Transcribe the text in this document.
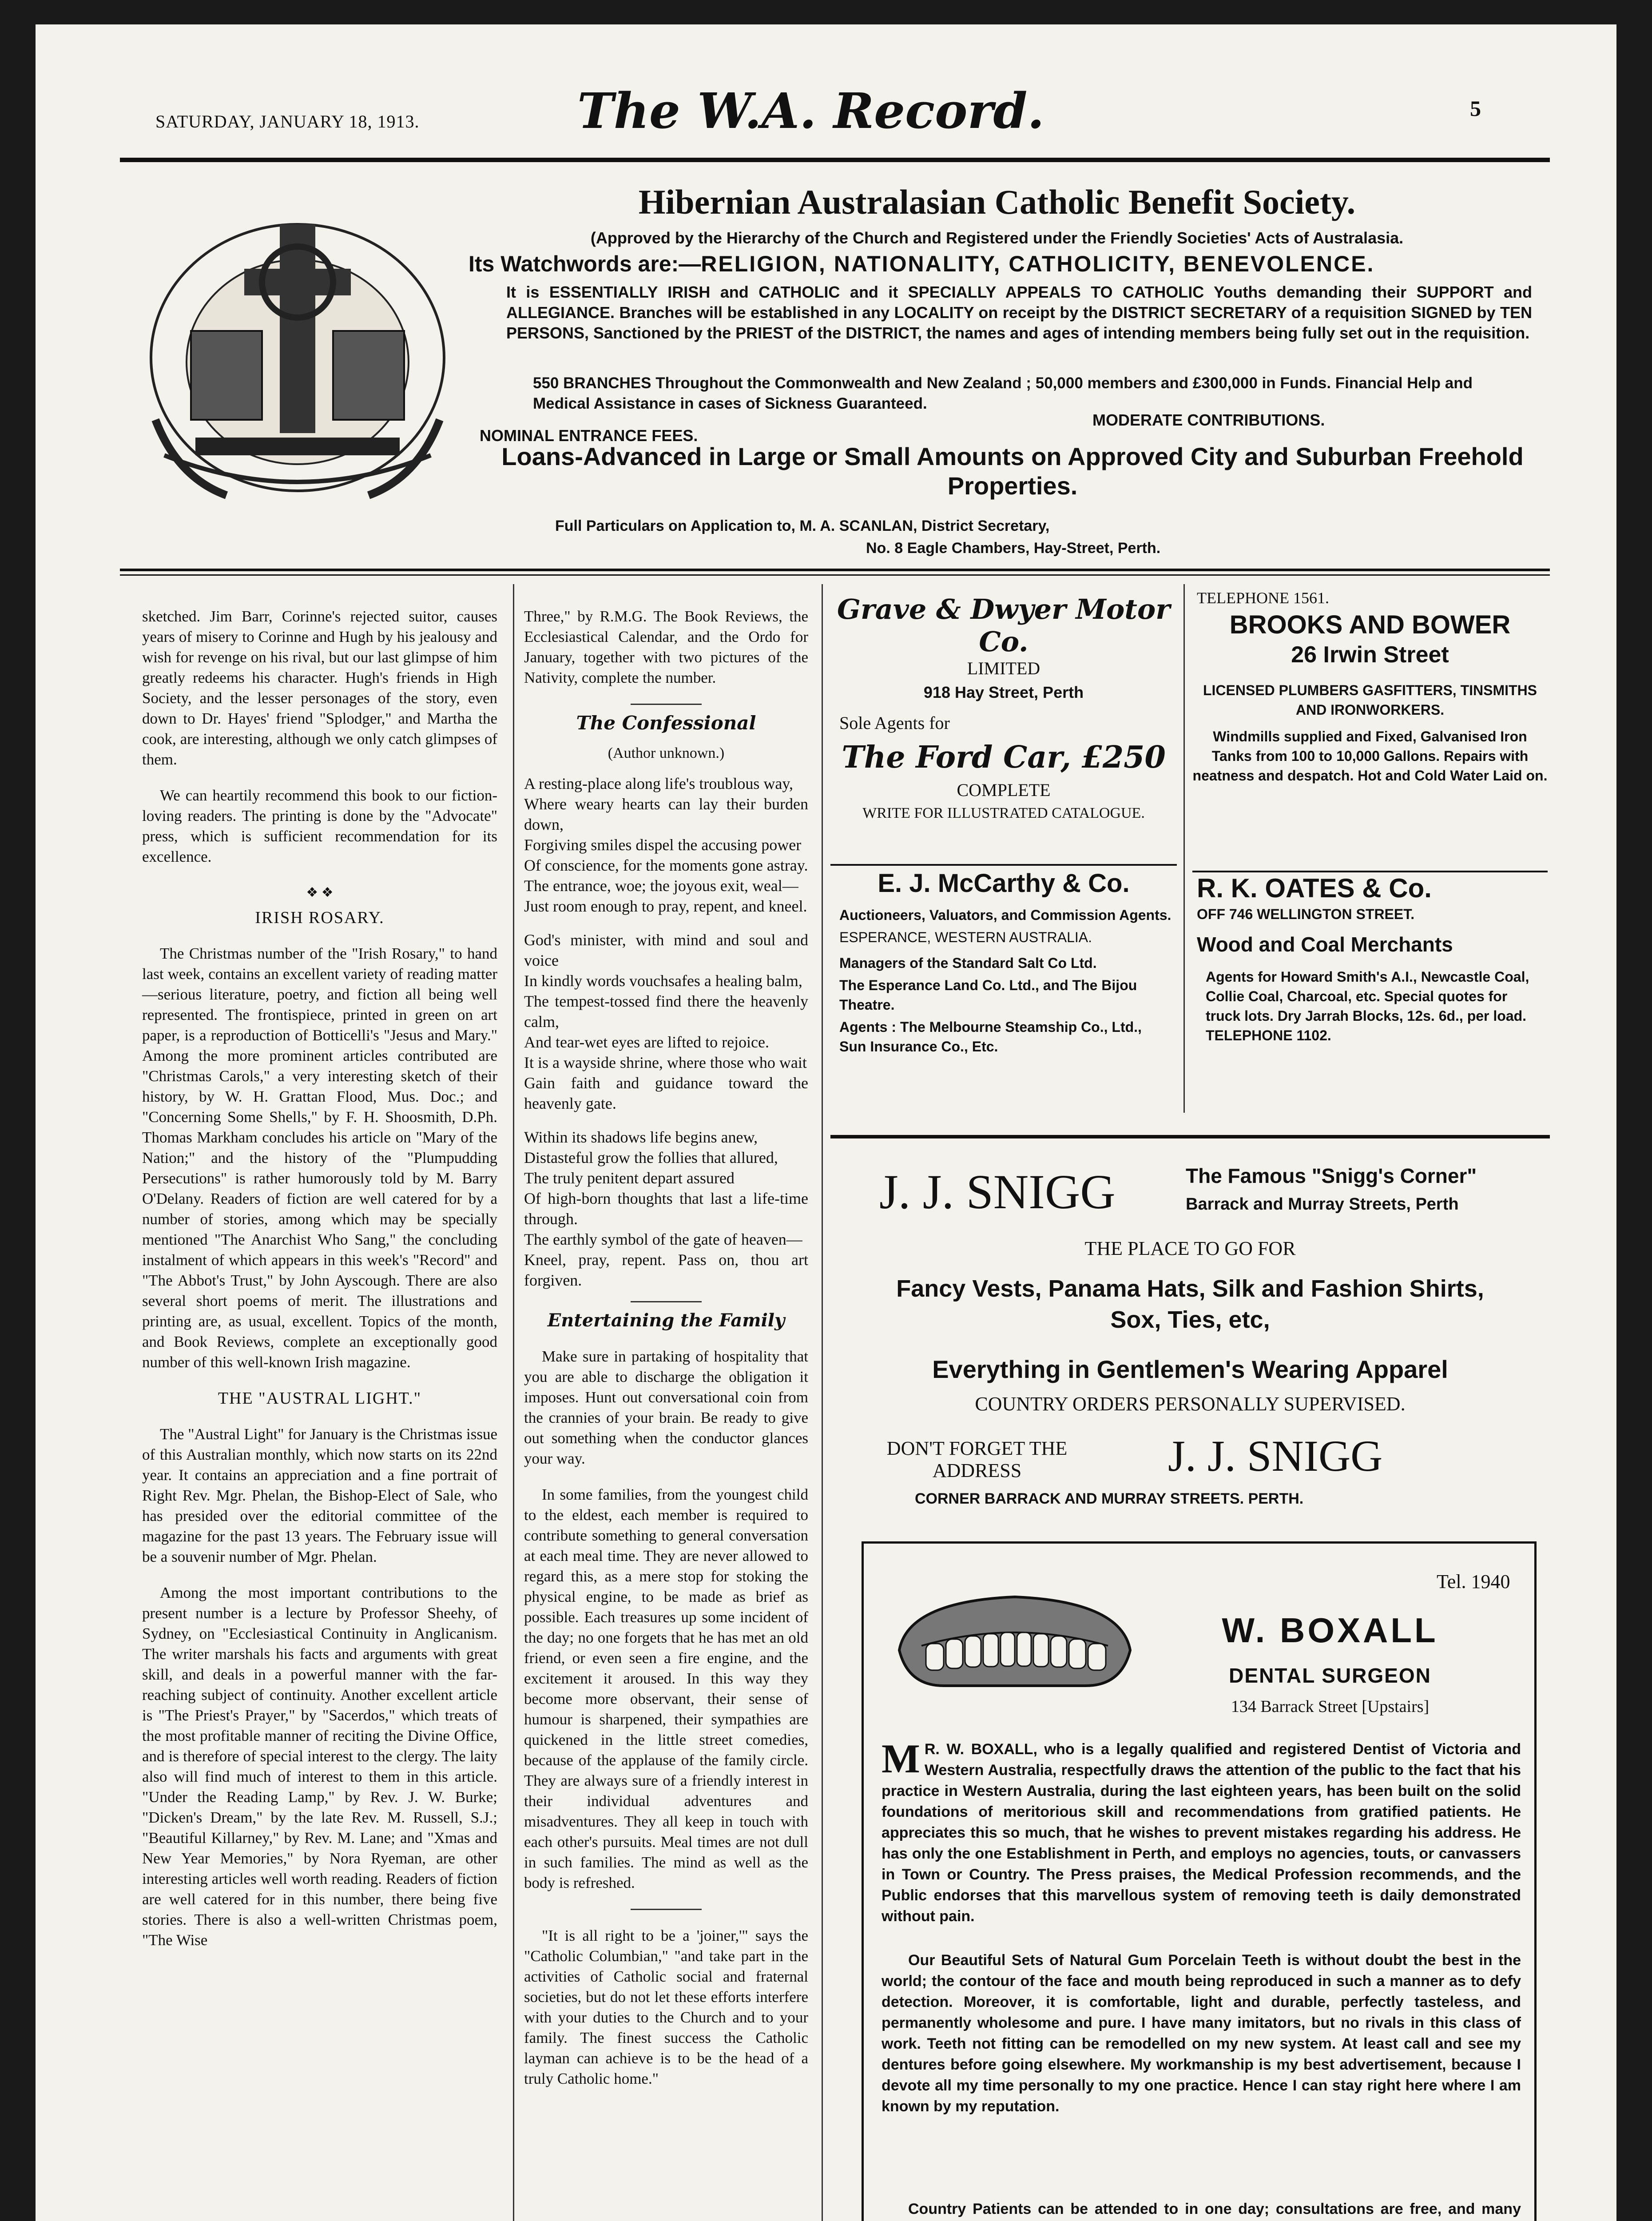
SATURDAY, JANUARY 18, 1913.	The W.A. Record.	5
Hibernian Australasian Catholic Benefit Society.
(Approved by the Hierarchy of the Church and Registered under the Friendly Societies' Acts of Australasia.
Its Watchwords are:—RELIGION, NATIONALITY, CATHOLICITY, BENEVOLENCE.
It is ESSENTIALLY IRISH and CATHOLIC and it SPECIALLY APPEALS TO CATHOLIC Youths demanding their SUPPORT and ALLEGIANCE. Branches will be established in any LOCALITY on receipt by the DISTRICT SECRETARY of a requisition SIGNED by TEN PERSONS, Sanctioned by the PRIEST of the DISTRICT, the names and ages of intending members being fully set out in the requisition.
550 BRANCHES Throughout the Commonwealth and New Zealand ; 50,000 members and £300,000 in Funds. Financial Help and Medical Assistance in cases of Sickness Guaranteed.
NOMINAL ENTRANCE FEES.
MODERATE CONTRIBUTIONS.
Loans-Advanced in Large or Small Amounts on Approved City and Suburban Freehold Properties.
Full Particulars on Application to, M. A. SCANLAN, District Secretary,
No. 8 Eagle Chambers, Hay-Street, Perth.

sketched. Jim Barr, Corinne's rejected suitor, causes years of misery to Corinne and Hugh by his jealousy and wish for revenge on his rival, but our last glimpse of him greatly redeems his character. Hugh's friends in High Society, and the lesser personages of the story, even down to Dr. Hayes' friend "Splodger," and Martha the cook, are interesting, although we only catch glimpses of them.

We can heartily recommend this book to our fiction-loving readers. The printing is done by the "Advocate" press, which is sufficient recommendation for its excellence.

❖ ❖
IRISH ROSARY.

The Christmas number of the "Irish Rosary," to hand last week, contains an excellent variety of reading matter—serious literature, poetry, and fiction all being well represented. The frontispiece, printed in green on art paper, is a reproduction of Botticelli's "Jesus and Mary." Among the more prominent articles contributed are "Christmas Carols," a very interesting sketch of their history, by W. H. Grattan Flood, Mus. Doc.; and "Concerning Some Shells," by F. H. Shoosmith, D.Ph. Thomas Markham concludes his article on "Mary of the Nation;" and the history of the "Plumpudding Persecutions" is rather humorously told by M. Barry O'Delany. Readers of fiction are well catered for by a number of stories, among which may be specially mentioned "The Anarchist Who Sang," the concluding instalment of which appears in this week's "Record" and "The Abbot's Trust," by John Ayscough. There are also several short poems of merit. The illustrations and printing are, as usual, excellent. Topics of the month, and Book Reviews, complete an exceptionally good number of this well-known Irish magazine.

THE "AUSTRAL LIGHT."

The "Austral Light" for January is the Christmas issue of this Australian monthly, which now starts on its 22nd year. It contains an appreciation and a fine portrait of Right Rev. Mgr. Phelan, the Bishop-Elect of Sale, who has presided over the editorial committee of the magazine for the past 13 years. The February issue will be a souvenir number of Mgr. Phelan.

Among the most important contributions to the present number is a lecture by Professor Sheehy, of Sydney, on "Ecclesiastical Continuity in Anglicanism. The writer marshals his facts and arguments with great skill, and deals in a powerful manner with the far-reaching subject of continuity. Another excellent article is "The Priest's Prayer," by "Sacerdos," which treats of the most profitable manner of reciting the Divine Office, and is therefore of special interest to the clergy. The laity also will find much of interest to them in this article. "Under the Reading Lamp," by Rev. J. W. Burke; "Dicken's Dream," by the late Rev. M. Russell, S.J.; "Beautiful Killarney," by Rev. M. Lane; and "Xmas and New Year Memories," by Nora Ryeman, are other interesting articles well worth reading. Readers of fiction are well catered for in this number, there being five stories. There is also a well-written Christmas poem, "The Wise

Three," by R.M.G. The Book Reviews, the Ecclesiastical Calendar, and the Ordo for January, together with two pictures of the Nativity, complete the number.

The Confessional
(Author unknown.)
A resting-place along life's troublous way,
Where weary hearts can lay their burden down,
Forgiving smiles dispel the accusing power
Of conscience, for the moments gone astray.
The entrance, woe; the joyous exit, weal—
Just room enough to pray, repent, and kneel.
God's minister, with mind and soul and voice
In kindly words vouchsafes a healing balm,
The tempest-tossed find there the heavenly calm,
And tear-wet eyes are lifted to rejoice.
It is a wayside shrine, where those who wait
Gain faith and guidance toward the heavenly gate.
Within its shadows life begins anew,
Distasteful grow the follies that allured,
The truly penitent depart assured
Of high-born thoughts that last a life-time through.
The earthly symbol of the gate of heaven—
Kneel, pray, repent. Pass on, thou art forgiven.
Entertaining the Family

Make sure in partaking of hospitality that you are able to discharge the obligation it imposes. Hunt out conversational coin from the crannies of your brain. Be ready to give out something when the conductor glances your way.

In some families, from the youngest child to the eldest, each member is required to contribute something to general conversation at each meal time. They are never allowed to regard this, as a mere stop for stoking the physical engine, to be made as brief as possible. Each treasures up some incident of the day; no one forgets that he has met an old friend, or even seen a fire engine, and the excitement it aroused. In this way they become more observant, their sense of humour is sharpened, their sympathies are quickened in the little street comedies, because of the applause of the family circle. They are always sure of a friendly interest in their individual adventures and misadventures. They all keep in touch with each other's pursuits. Meal times are not dull in such families. The mind as well as the body is refreshed.

"It is all right to be a 'joiner,'" says the "Catholic Columbian," "and take part in the activities of Catholic social and fraternal societies, but do not let these efforts interfere with your duties to the Church and to your family. The finest success the Catholic layman can achieve is to be the head of a truly Catholic home."

Grave & Dwyer Motor Co.
LIMITED
918 Hay Street, Perth
Sole Agents for
The Ford Car, £250
COMPLETE
WRITE FOR ILLUSTRATED CATALOGUE.
E. J. McCarthy & Co.
Auctioneers, Valuators, and Commission Agents.
ESPERANCE, WESTERN AUSTRALIA.
Managers of the Standard Salt Co Ltd.
The Esperance Land Co. Ltd., and The Bijou Theatre.
Agents : The Melbourne Steamship Co., Ltd., Sun Insurance Co., Etc.
TELEPHONE 1561.
BROOKS AND BOWER
26 Irwin Street
LICENSED PLUMBERS GASFITTERS, TINSMITHS AND IRONWORKERS.
Windmills supplied and Fixed, Galvanised Iron Tanks from 100 to 10,000 Gallons. Repairs with neatness and despatch. Hot and Cold Water Laid on.
R. K. OATES & Co.
OFF 746 WELLINGTON STREET.
Wood and Coal Merchants
Agents for Howard Smith's A.I., Newcastle Coal, Collie Coal, Charcoal, etc. Special quotes for truck lots. Dry Jarrah Blocks, 12s. 6d., per load.
TELEPHONE 1102.
J. J. SNIGG	The Famous "Snigg's Corner"
Barrack and Murray Streets, Perth
THE PLACE TO GO FOR
Fancy Vests, Panama Hats, Silk and Fashion Shirts,
Sox, Ties, etc,
Everything in Gentlemen's Wearing Apparel
COUNTRY ORDERS PERSONALLY SUPERVISED.
DON'T FORGET THE
ADDRESS	J. J. SNIGG
CORNER BARRACK AND MURRAY STREETS. PERTH.
Tel. 1940
W. BOXALL
DENTAL SURGEON
134 Barrack Street [Upstairs]
M R. W. BOXALL, who is a legally qualified and registered Dentist of Victoria and Western Australia, respectfully draws the attention of the public to the fact that his practice in Western Australia, during the last eighteen years, has been built on the solid foundations of meritorious skill and recommendations from gratified patients. He appreciates this so much, that he wishes to prevent mistakes regarding his address. He has only the one Establishment in Perth, and employs no agencies, touts, or canvassers in Town or Country. The Press praises, the Medical Profession recommends, and the Public endorses that this marvellous system of removing teeth is daily demonstrated without pain.
Our Beautiful Sets of Natural Gum Porcelain Teeth is without doubt the best in the world; the contour of the face and mouth being reproduced in such a manner as to defy detection. Moreover, it is comfortable, light and durable, perfectly tasteless, and permanently wholesome and pure. I have many imitators, but no rivals in this class of work. Teeth not fitting can be remodelled on my new system. At least call and see my dentures before going elsewhere. My workmanship is my best advertisement, because I devote all my time personally to my one practice. Hence I can stay right here where I am known by my reputation.
Country Patients can be attended to in one day; consultations are free, and many
